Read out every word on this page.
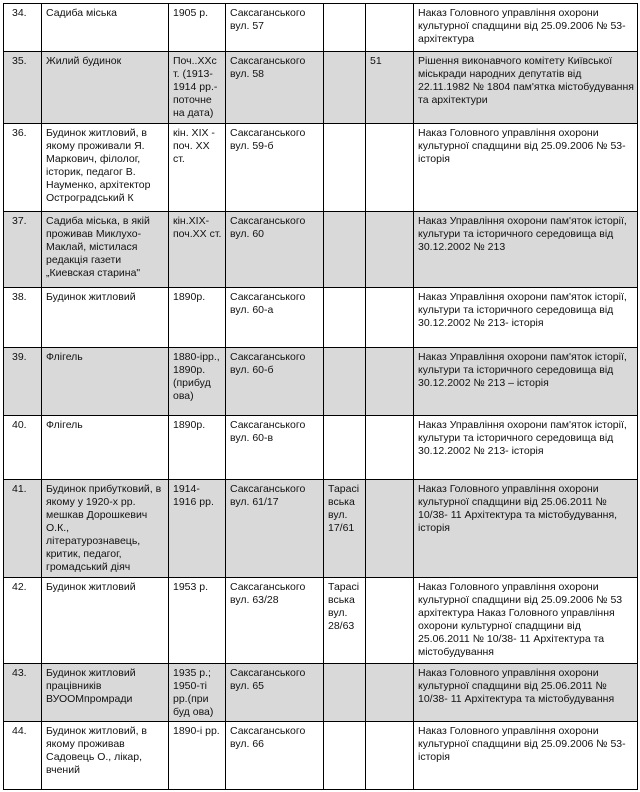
34.	Садиба міська	1905 р.	Саксаганського вул. 57			Наказ Головного управління охорони культурної спадщини від 25.09.2006 № 53- архітектура
35.	Жилий будинок	Поч..ХХс т. (1913-1914 рр.-поточне на дата)	Саксаганського вул. 58		51	Рішення виконавчого комітету Київської міськради народних депутатів від 22.11.1982 № 1804 пам'ятка містобудування та архітектури
36.	Будинок житловий, в якому проживали Я. Маркович, філолог, історик, педагог В. Науменко, архітектор Остроградський К	кін. ХІХ - поч. ХХ ст.	Саксаганського вул. 59-б			Наказ Головного управління охорони культурної спадщини від 25.09.2006 № 53- історія
37.	Садиба міська, в якій проживав Миклухо-Маклай, містилася редакція газети „Киевская старина"	кін.ХІХ-поч.ХХ ст.	Саксаганського вул. 60			Наказ Управління охорони пам'яток історії, культури та історичного середовища від 30.12.2002 № 213
38.	Будинок житловий	1890р.	Саксаганського вул. 60-а			Наказ Управління охорони пам'яток історії, культури та історичного середовища від 30.12.2002 № 213- історія
39.	Флігель	1880-ірр., 1890р. (прибуд ова)	Саксаганського вул. 60-б			Наказ Управління охорони пам'яток історії, культури та історичного середовища від 30.12.2002 № 213 – історія
40.	Флігель	1890р.	Саксаганського вул. 60-в			Наказ Управління охорони пам'яток історії, культури та історичного середовища від 30.12.2002 № 213- історія
41.	Будинок прибутковий, в якому у 1920-х рр. мешкав Дорошкевич О.К., літературознавець, критик, педагог, громадський діяч	1914-1916 рр.	Саксаганського вул. 61/17	Тарасі вська вул. 17/61		Наказ Головного управління охорони культурної спадщини від 25.06.2011 № 10/38- 11 Архітектура та містобудування, історія
42.	Будинок житловий	1953 р.	Саксаганського вул. 63/28	Тарасі вська вул. 28/63		Наказ Головного управління охорони культурної спадщини від 25.09.2006 № 53 архітектура Наказ Головного управління охорони культурної спадщини від 25.06.2011 № 10/38- 11 Архітектура та містобудування
43.	Будинок житловий працівників ВУООМпромради	1935 р.; 1950-ті рр.(при буд ова)	Саксаганського вул. 65			Наказ Головного управління охорони культурної спадщини від 25.06.2011 № 10/38- 11 Архітектура та містобудування
44.	Будинок житловий, в якому проживав Садовець О., лікар, вчений	1890-і рр.	Саксаганського вул. 66			Наказ Головного управління охорони культурної спадщини від 25.09.2006 № 53- історія
